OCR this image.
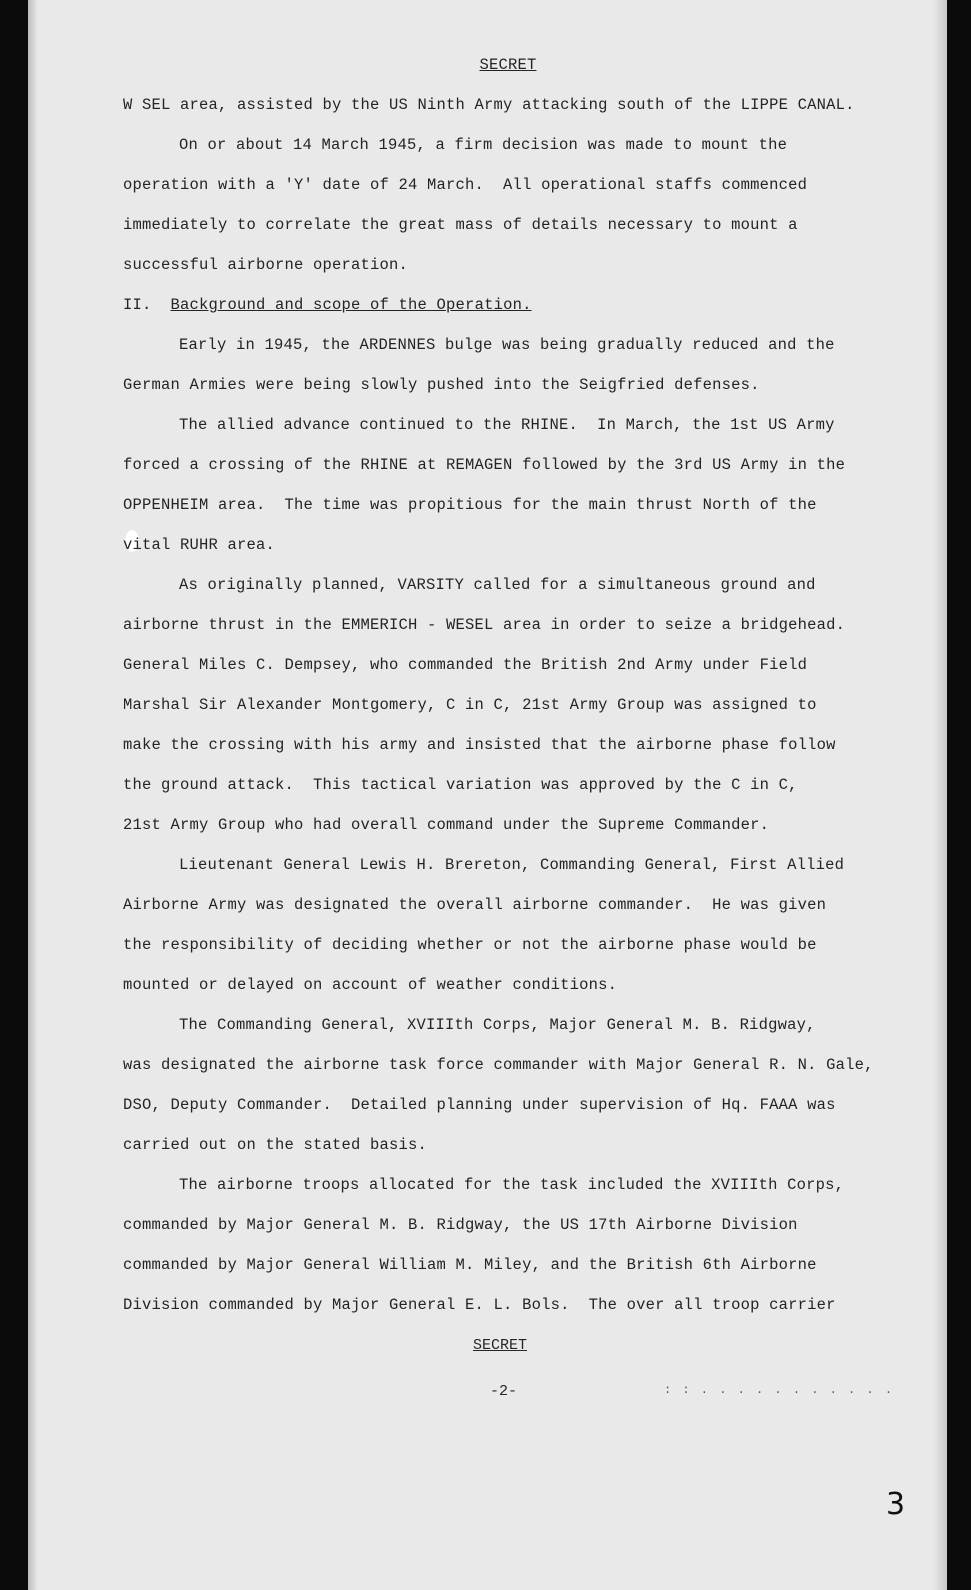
SECRET
W SEL area, assisted by the US Ninth Army attacking south of the LIPPE CANAL.
On or about 14 March 1945, a firm decision was made to mount the
operation with a 'Y' date of 24 March.  All operational staffs commenced
immediately to correlate the great mass of details necessary to mount a
successful airborne operation.
II.  Background and scope of the Operation.
Early in 1945, the ARDENNES bulge was being gradually reduced and the
German Armies were being slowly pushed into the Seigfried defenses.
The allied advance continued to the RHINE.  In March, the 1st US Army
forced a crossing of the RHINE at REMAGEN followed by the 3rd US Army in the
OPPENHEIM area.  The time was propitious for the main thrust North of the
vital RUHR area.
As originally planned, VARSITY called for a simultaneous ground and
airborne thrust in the EMMERICH - WESEL area in order to seize a bridgehead.
General Miles C. Dempsey, who commanded the British 2nd Army under Field
Marshal Sir Alexander Montgomery, C in C, 21st Army Group was assigned to
make the crossing with his army and insisted that the airborne phase follow
the ground attack.  This tactical variation was approved by the C in C,
21st Army Group who had overall command under the Supreme Commander.
Lieutenant General Lewis H. Brereton, Commanding General, First Allied
Airborne Army was designated the overall airborne commander.  He was given
the responsibility of deciding whether or not the airborne phase would be
mounted or delayed on account of weather conditions.
The Commanding General, XVIIIth Corps, Major General M. B. Ridgway,
was designated the airborne task force commander with Major General R. N. Gale,
DSO, Deputy Commander.  Detailed planning under supervision of Hq. FAAA was
carried out on the stated basis.
The airborne troops allocated for the task included the XVIIIth Corps,
commanded by Major General M. B. Ridgway, the US 17th Airborne Division
commanded by Major General William M. Miley, and the British 6th Airborne
Division commanded by Major General E. L. Bols.  The over all troop carrier
SECRET
-2-	: : . . . . . . . . . . .
3
